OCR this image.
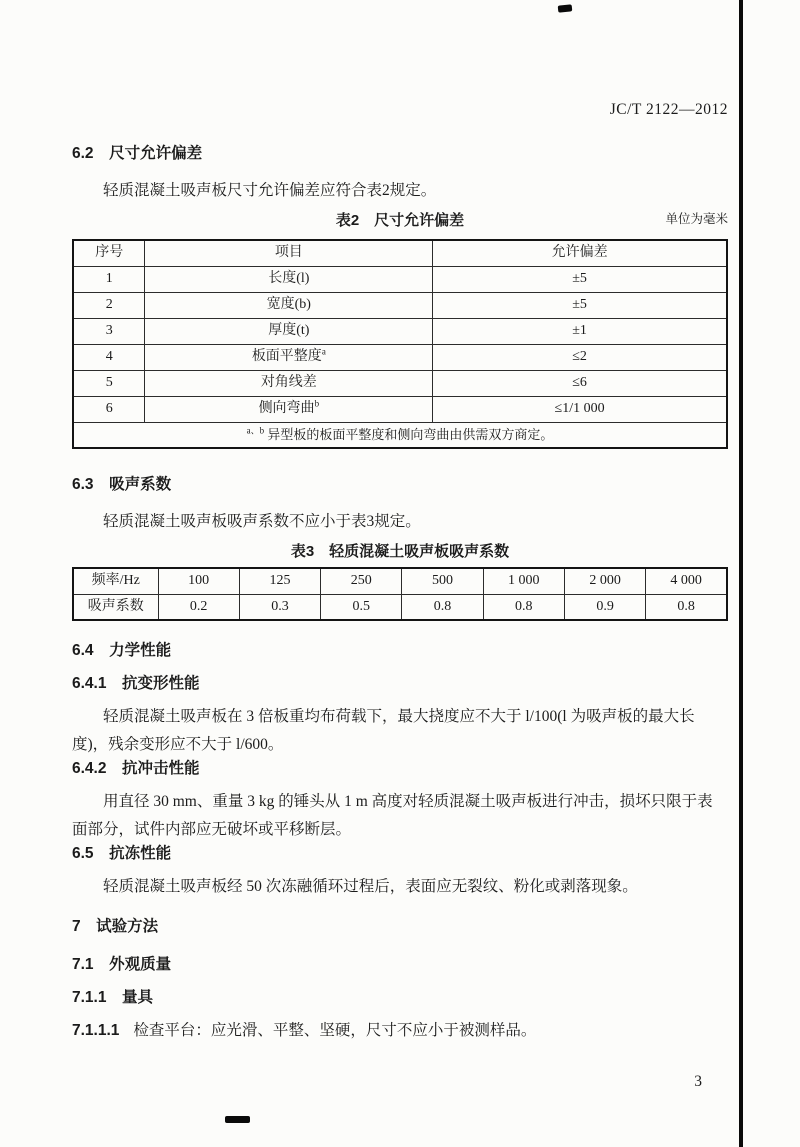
JC/T 2122—2012
6.2 尺寸允许偏差

轻质混凝土吸声板尺寸允许偏差应符合表2规定。

表2　尺寸允许偏差	单位为毫米
序号	项目	允许偏差
1	长度(l)	±5
2	宽度(b)	±5
3	厚度(t)	±1
4	板面平整度$^a$	≤2
5	对角线差	≤6
6	侧向弯曲$^b$	≤1/1 000
$^{a、b}$ 异型板的板面平整度和侧向弯曲由供需双方商定。		
6.3 吸声系数

轻质混凝土吸声板吸声系数不应小于表3规定。

表3　轻质混凝土吸声板吸声系数
频率/Hz	100	125	250	500	1 000	2 000	4 000
吸声系数	0.2	0.3	0.5	0.8	0.8	0.9	0.8
6.4 力学性能
6.4.1 抗变形性能

轻质混凝土吸声板在 3 倍板重均布荷载下，最大挠度应不大于 l/100(l 为吸声板的最大长度)，残余变形应不大于 l/600。

6.4.2 抗冲击性能

用直径 30 mm、重量 3 kg 的锤头从 1 m 高度对轻质混凝土吸声板进行冲击，损坏只限于表面部分，试件内部应无破坏或平移断层。

6.5 抗冻性能

轻质混凝土吸声板经 50 次冻融循环过程后，表面应无裂纹、粉化或剥落现象。

7 试验方法
7.1 外观质量
7.1.1 量具
7.1.1.1 检查平台：应光滑、平整、坚硬，尺寸不应小于被测样品。
3
